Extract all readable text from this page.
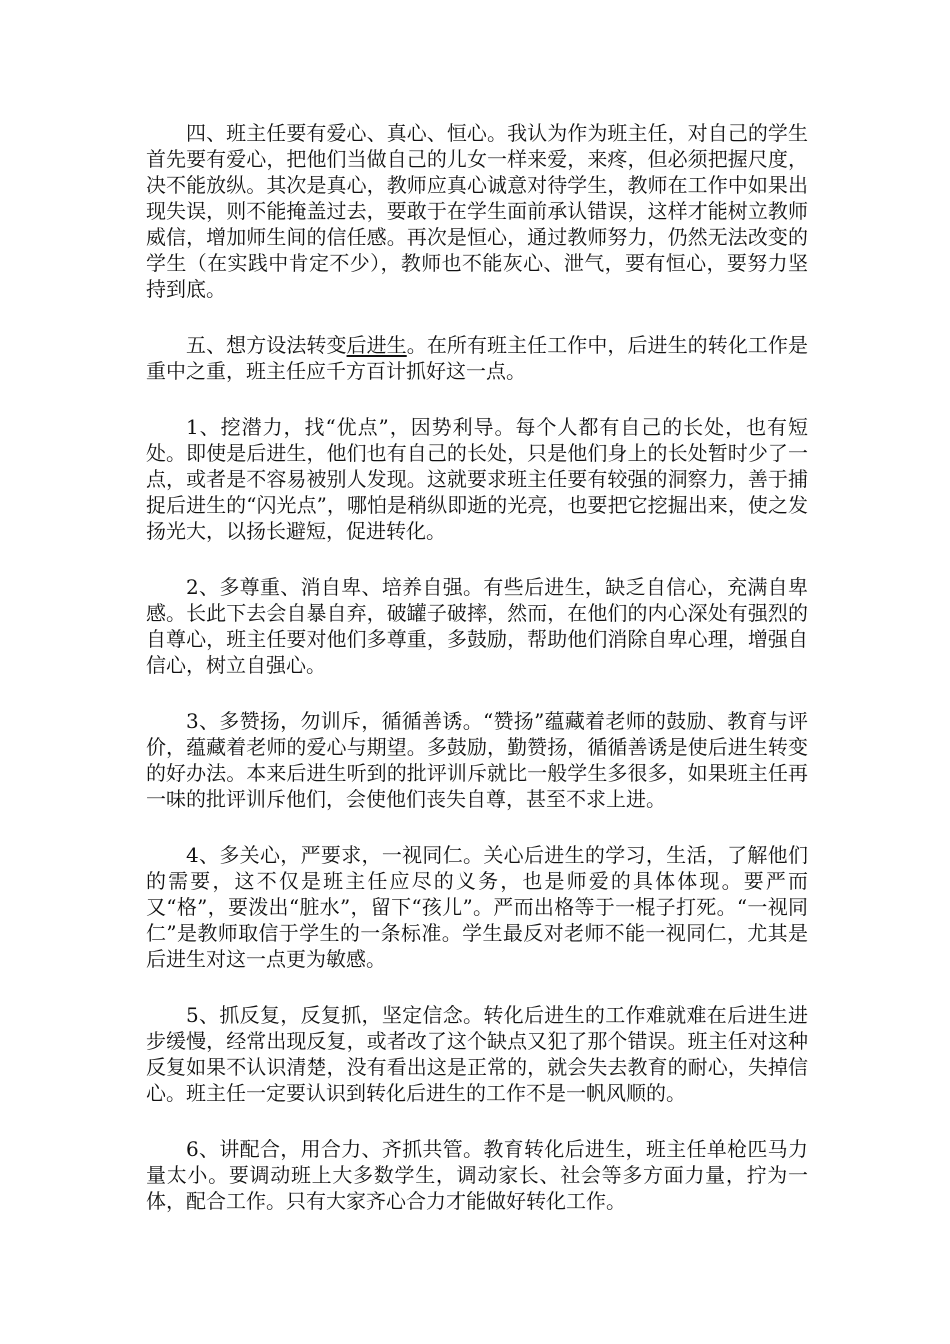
四、班主任要有爱心、真心、恒心。我认为作为班主任，对自己的学生首先要有爱心，把他们当做自己的儿女一样来爱，来疼，但必须把握尺度，决不能放纵。其次是真心，教师应真心诚意对待学生，教师在工作中如果出现失误，则不能掩盖过去，要敢于在学生面前承认错误，这样才能树立教师威信，增加师生间的信任感。再次是恒心，通过教师努力，仍然无法改变的学生（在实践中肯定不少），教师也不能灰心、泄气，要有恒心，要努力坚持到底。

五、想方设法转变后进生。在所有班主任工作中，后进生的转化工作是重中之重，班主任应千方百计抓好这一点。

1、挖潜力，找“优点”，因势利导。每个人都有自己的长处，也有短处。即使是后进生，他们也有自己的长处，只是他们身上的长处暂时少了一点，或者是不容易被别人发现。这就要求班主任要有较强的洞察力，善于捕捉后进生的“闪光点”，哪怕是稍纵即逝的光亮，也要把它挖掘出来，使之发扬光大，以扬长避短，促进转化。

2、多尊重、消自卑、培养自强。有些后进生，缺乏自信心，充满自卑感。长此下去会自暴自弃，破罐子破摔，然而，在他们的内心深处有强烈的自尊心，班主任要对他们多尊重，多鼓励，帮助他们消除自卑心理，增强自信心，树立自强心。

3、多赞扬，勿训斥，循循善诱。“赞扬”蕴藏着老师的鼓励、教育与评价，蕴藏着老师的爱心与期望。多鼓励，勤赞扬，循循善诱是使后进生转变的好办法。本来后进生听到的批评训斥就比一般学生多很多，如果班主任再一味的批评训斥他们，会使他们丧失自尊，甚至不求上进。

4、多关心，严要求，一视同仁。关心后进生的学习，生活，了解他们的需要，这不仅是班主任应尽的义务，也是师爱的具体体现。要严而又“格”，要泼出“脏水”，留下“孩儿”。严而出格等于一棍子打死。“一视同仁”是教师取信于学生的一条标准。学生最反对老师不能一视同仁，尤其是后进生对这一点更为敏感。

5、抓反复，反复抓，坚定信念。转化后进生的工作难就难在后进生进步缓慢，经常出现反复，或者改了这个缺点又犯了那个错误。班主任对这种反复如果不认识清楚，没有看出这是正常的，就会失去教育的耐心，失掉信心。班主任一定要认识到转化后进生的工作不是一帆风顺的。

6、讲配合，用合力、齐抓共管。教育转化后进生，班主任单枪匹马力量太小。要调动班上大多数学生，调动家长、社会等多方面力量，拧为一体，配合工作。只有大家齐心合力才能做好转化工作。
